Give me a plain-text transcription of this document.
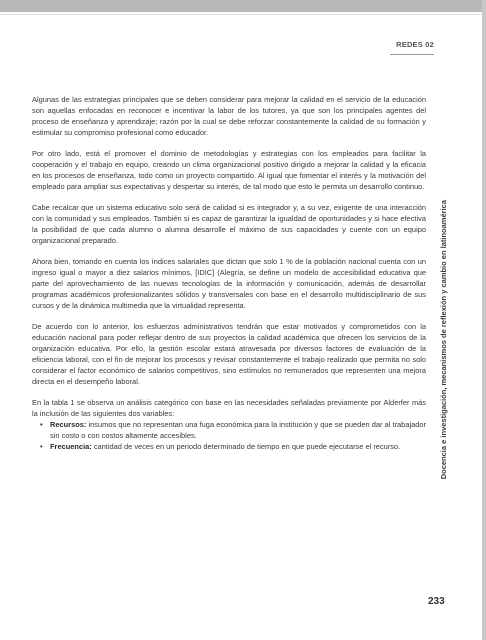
REDES 02

Algunas de las estrategias principales que se deben considerar para mejorar la calidad en el servicio de la educación son aquellas enfocadas en reconocer e incentivar la labor de los tutores, ya que son los principales agentes del proceso de enseñanza y aprendizaje; razón por la cual se debe reforzar constantemente la calidad de su formación y estimular su compromiso profesional como educador.

Por otro lado, está el promover el dominio de metodologías y estrategias con los empleados para facilitar la cooperación y el trabajo en equipo, creando un clima organizacional positivo dirigido a mejorar la calidad y la eficacia en los procesos de enseñanza, todo como un proyecto compartido. Al igual que fomentar el interés y la motivación del empleado para ampliar sus expectativas y despertar su interés, de tal modo que esto le permita un desarrollo continuo.

Cabe recalcar que un sistema educativo solo será de calidad si es integrador y, a su vez, exigente de una interacción con la comunidad y sus empleados. También si es capaz de garantizar la igualdad de oportunidades y si hace efectiva la posibilidad de que cada alumno o alumna desarrolle el máximo de sus capacidades y cuente con un equipo organizacional preparado.

Ahora bien, tomando en cuenta los índices salariales que dictan que solo 1 % de la población nacional cuenta con un ingreso igual o mayor a diez salarios mínimos, [IDIC] (Alegría, se define un modelo de accesibilidad educativa que parte del aprovechamiento de las nuevas tecnologías de la información y comunicación, además de desarrollar programas académicos profesionalizantes sólidos y transversales con base en el desarrollo multidisciplinario de sus cursos y de la dinámica multimedia que la virtualidad representa.

De acuerdo con lo anterior, los esfuerzos administrativos tendrán que estar motivados y comprometidos con la educación nacional para poder reflejar dentro de sus proyectos la calidad académica que ofrecen los servicios de la organización educativa. Por ello, la gestión escolar estará atravesada por diversos factores de evaluación de la eficiencia laboral, con el fin de mejorar los procesos y revisar constantemente el trabajo realizado que permita no solo considerar el factor económico de salarios competitivos, sino estímulos no remunerados que representen una mejora directa en el desempeño laboral.

En la tabla 1 se observa un análisis categórico con base en las necesidades señaladas previamente por Alderfer más la inclusión de las siguientes dos variables:

• Recursos: insumos que no representan una fuga económica para la institución y que se pueden dar al trabajador sin costo o con costos altamente accesibles.
• Frecuencia: cantidad de veces en un periodo determinado de tiempo en que puede ejecutarse el recurso.	Docencia e investigación, mecanismos de reflexión y cambio en latinoamérica
233
